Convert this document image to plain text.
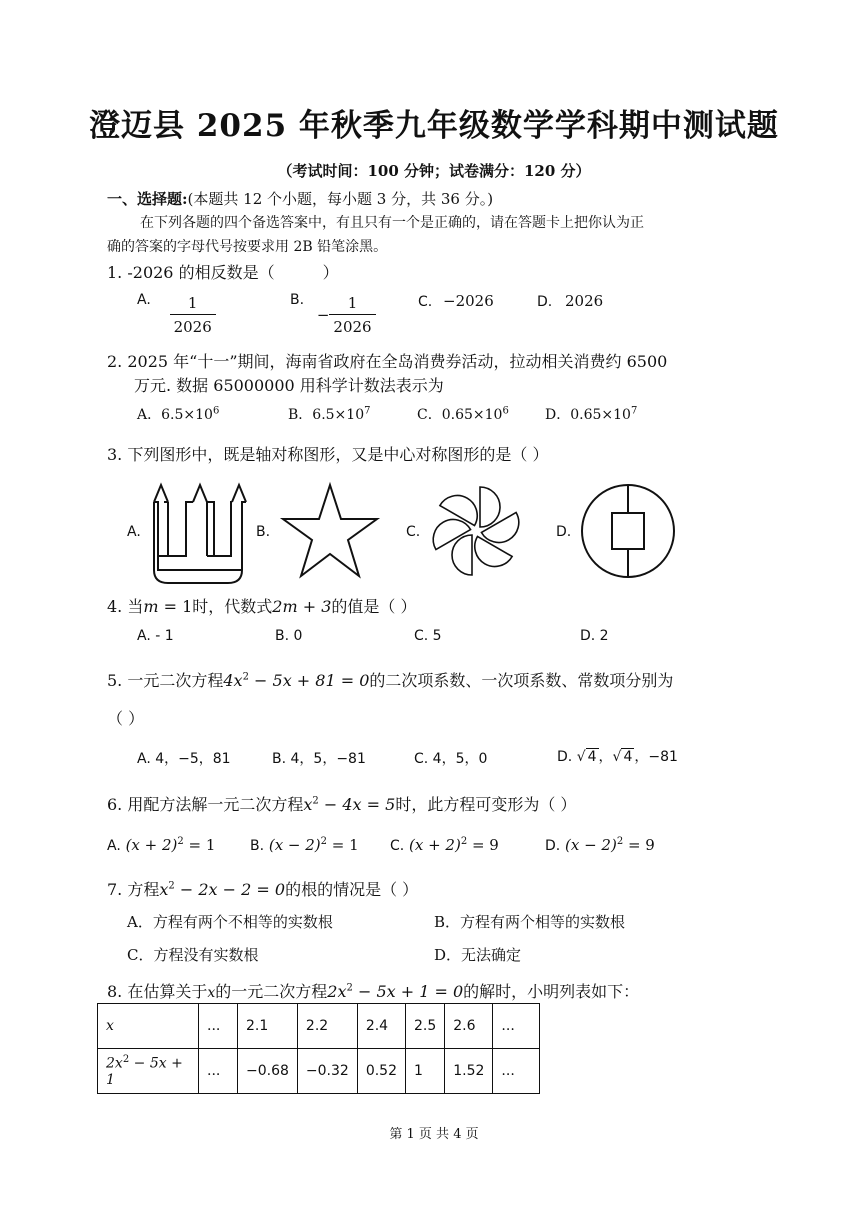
澄迈县 2025 年秋季九年级数学学科期中测试题
（考试时间：100 分钟；试卷满分：120 分）
一、选择题:(本题共 12 个小题，每小题 3 分，共 36 分。)
在下列各题的四个备选答案中，有且只有一个是正确的，请在答题卡上把你认为正
确的答案的字母代号按要求用 2B 铅笔涂黑。
1. -2026 的相反数是（	）
A. $\frac{1}{2026}$	B. − $\frac{1}{2026}$	C. −2026	D. 2026
2. 2025 年“十一”期间，海南省政府在全岛消费券活动，拉动相关消费约 6500
万元. 数据 65000000 用科学计数法表示为
A．$6.5\times 10^6$	B．$6.5\times 10^7$	C．$0.65\times 10^6$	D．$0.65\times 10^7$
3. 下列图形中，既是轴对称图形，又是中心对称图形的是（ ）
A.	B.	C.	D.
4. 当m = 1时，代数式2m + 3的值是（ ）
A. - 1	B. 0	C. 5	D. 2
5. 一元二次方程$4x^2 - 5x + 81 = 0$的二次项系数、一次项系数、常数项分别为
（ ）
A. 4，−5，81	B. 4，5，−81	C. 4，5，0	D. √ 4 ，√ 4 ，−81
6. 用配方法解一元二次方程$x^2 - 4x = 5$时，此方程可变形为（ ）
A. $(x + 2)^2 = 1$ B. $(x - 2)^2 = 1$ C. $(x + 2)^2 = 9$	D. $(x - 2)^2 = 9$
7. 方程$x^2 - 2x - 2 = 0$的根的情况是（ ）
A．方程有两个不相等的实数根	B．方程有两个相等的实数根
C．方程没有实数根	D．无法确定
8. 在估算关于x的一元二次方程$2x^2 - 5x + 1 = 0$的解时，小明列表如下：
x	...	2.1	2.2	2.4	2.5	2.6	...
$2x^2 - 5x + 1$	...	−0.68	−0.32	0.52	1	1.52	...
第 1 页 共 4 页
